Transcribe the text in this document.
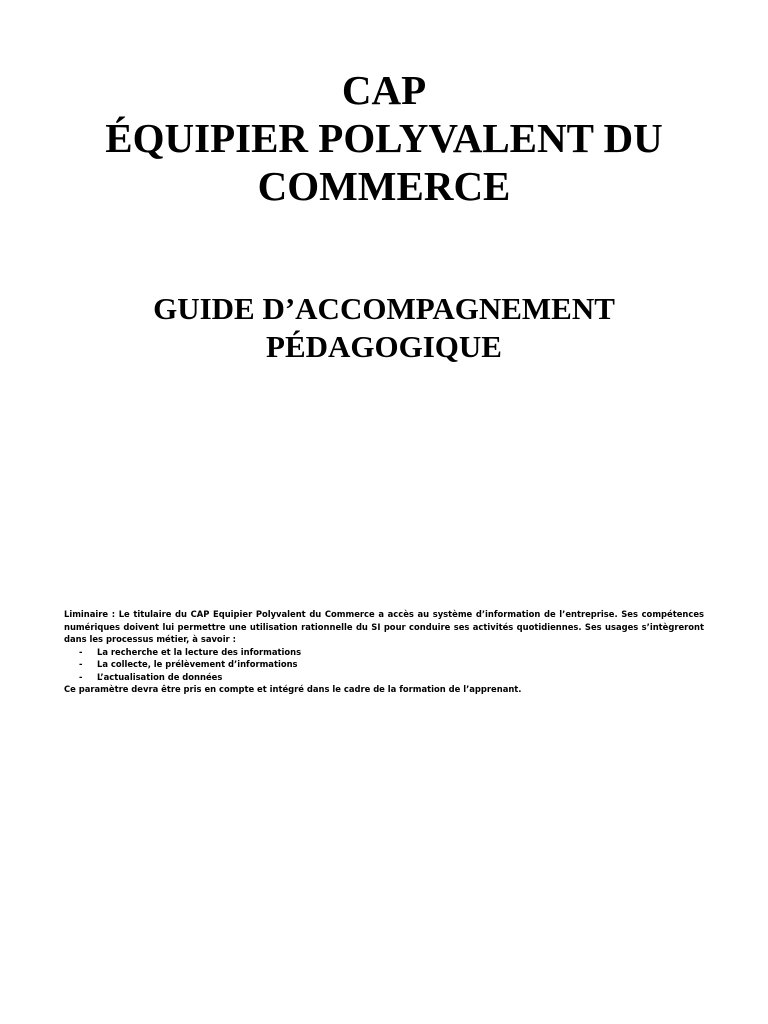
CAP
ÉQUIPIER POLYVALENT DU
COMMERCE
GUIDE D’ACCOMPAGNEMENT
PÉDAGOGIQUE

Liminaire : Le titulaire du CAP Equipier Polyvalent du Commerce a accès au système d’information de l’entreprise. Ses compétences numériques doivent lui permettre une utilisation rationnelle du SI pour conduire ses activités quotidiennes. Ses usages s’intègreront dans les processus métier, à savoir :

- La recherche et la lecture des informations
- La collecte, le prélèvement d’informations
- L’actualisation de données

Ce paramètre devra être pris en compte et intégré dans le cadre de la formation de l’apprenant.
